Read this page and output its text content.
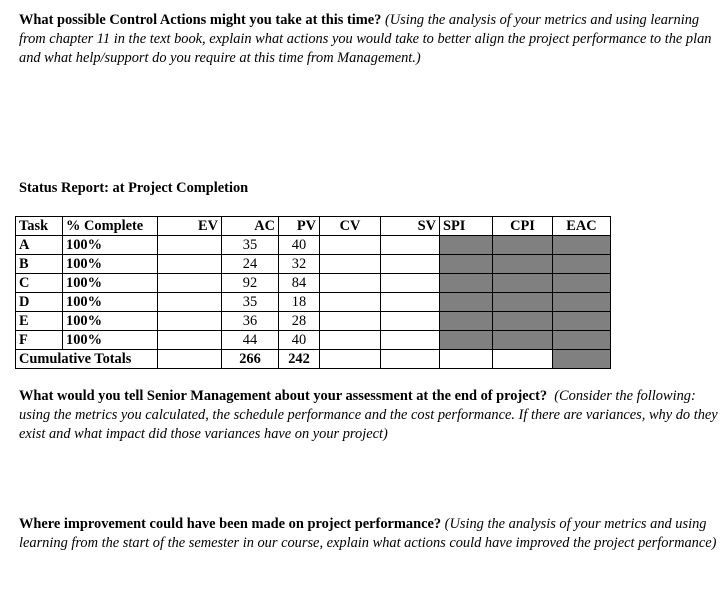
What possible Control Actions might you take at this time? (Using the analysis of your metrics and using learning from chapter 11 in the text book, explain what actions you would take to better align the project performance to the plan and what help/support do you require at this time from Management.)
Status Report: at Project Completion
Task	% Complete	EV	AC	PV	CV	SV	SPI	CPI	EAC
A	100%		35	40					
B	100%		24	32					
C	100%		92	84					
D	100%		35	18					
E	100%		36	28					
F	100%		44	40					
Cumulative Totals			266	242					
What would you tell Senior Management about your assessment at the end of project? (Consider the following: using the metrics you calculated, the schedule performance and the cost performance. If there are variances, why do they exist and what impact did those variances have on your project)
Where improvement could have been made on project performance? (Using the analysis of your metrics and using learning from the start of the semester in our course, explain what actions could have improved the project performance)
